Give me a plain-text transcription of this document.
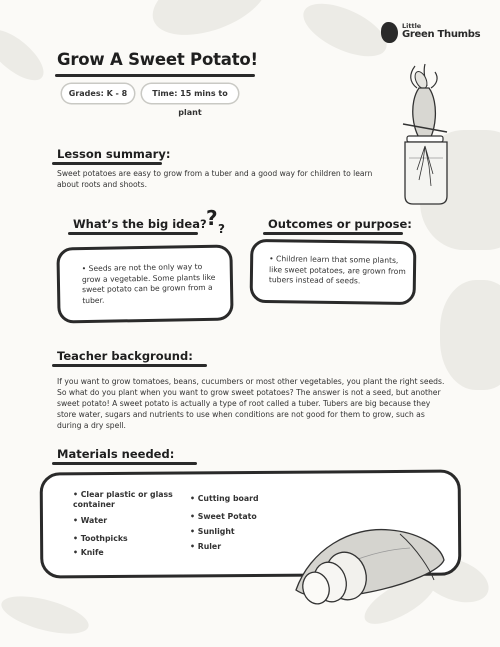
Little
Green Thumbs
Grow A Sweet Potato!
Grades: K - 8	Time: 15 mins to plant
Lesson summary:
Sweet potatoes are easy to grow from a tuber and a good way for children to learn about roots and shoots.
What’s the big idea? ? ?	Outcomes or purpose:
• Seeds are not the only way to grow a vegetable. Some plants like sweet potato can be grown from a tuber.
• Children learn that some plants, like sweet potatoes, are grown from tubers instead of seeds.
Teacher background:
If you want to grow tomatoes, beans, cucumbers or most other vegetables, you plant the right seeds. So what do you plant when you want to grow sweet potatoes? The answer is not a seed, but another sweet potato! A sweet potato is actually a type of root called a tuber. Tubers are big because they store water, sugars and nutrients to use when conditions are not good for them to grow, such as during a dry spell.
Materials needed:
• Clear plastic or glass container
• Water
• Toothpicks
• Knife
• Cutting board
• Sweet Potato
• Sunlight
• Ruler
